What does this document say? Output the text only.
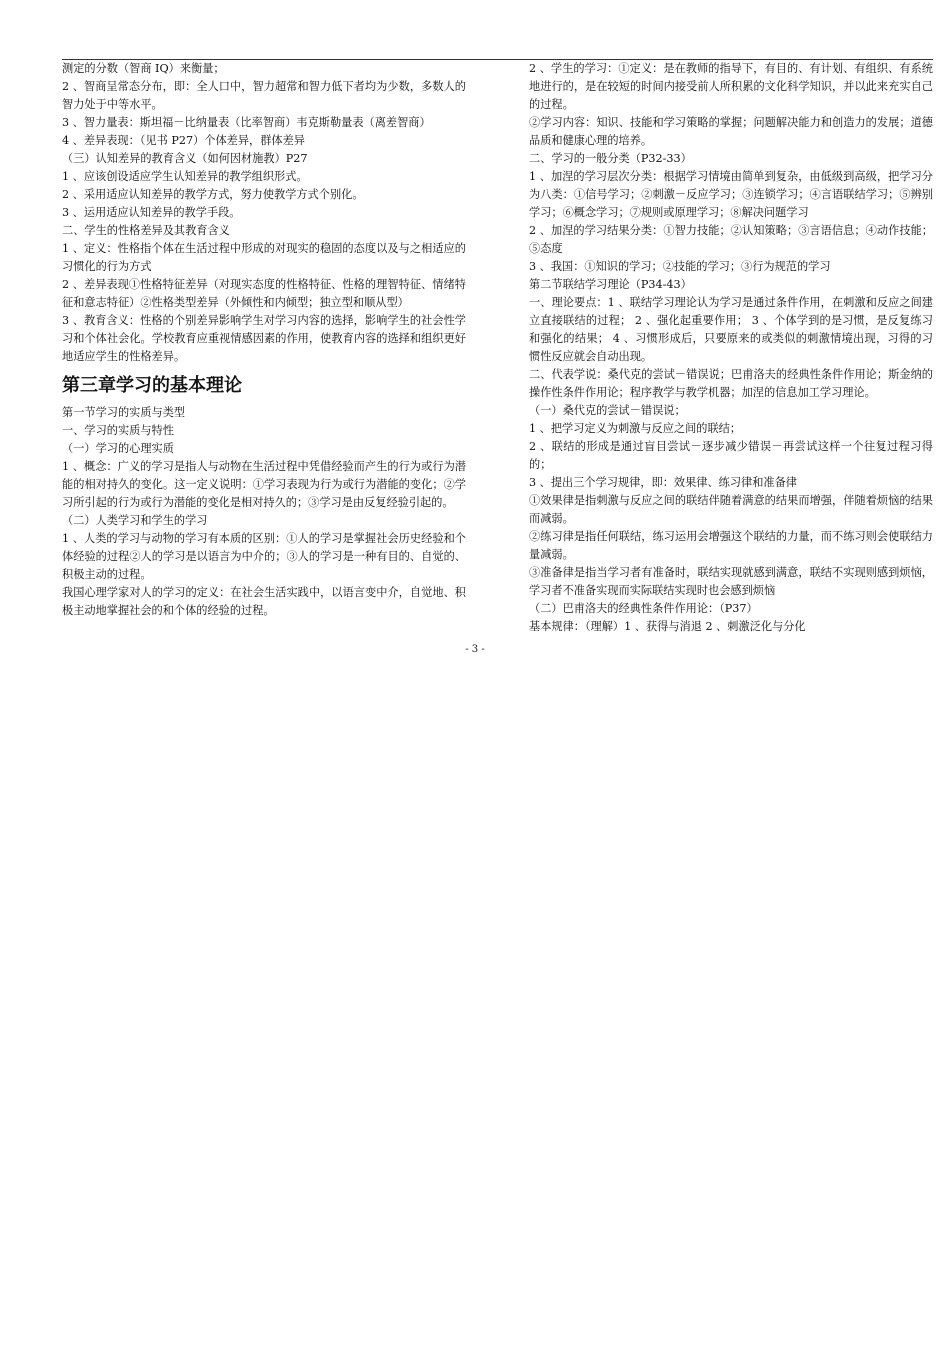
测定的分数（智商 IQ）来衡量；
2 、智商呈常态分布，即：全人口中，智力超常和智力低下者均为少数，多数人的智力处于中等水平。
3 、智力量表：斯坦福－比纳量表（比率智商）韦克斯勒量表（离差智商）
4 、差异表现：（见书 P27）个体差异，群体差异
（三）认知差异的教育含义（如何因材施教）P27
1 、应该创设适应学生认知差异的教学组织形式。
2 、采用适应认知差异的教学方式，努力使教学方式个别化。
3 、运用适应认知差异的教学手段。
二、学生的性格差异及其教育含义
1 、定义：性格指个体在生活过程中形成的对现实的稳固的态度以及与之相适应的习惯化的行为方式
2 、差异表现①性格特征差异（对现实态度的性格特征、性格的理智特征、情绪特征和意志特征）②性格类型差异（外倾性和内倾型；独立型和顺从型）
3 、教育含义：性格的个别差异影响学生对学习内容的选择，影响学生的社会性学习和个体社会化。学校教育应重视情感因素的作用，使教育内容的选择和组织更好地适应学生的性格差异。
第三章学习的基本理论
第一节学习的实质与类型
一、学习的实质与特性
（一）学习的心理实质
1 、概念：广义的学习是指人与动物在生活过程中凭借经验而产生的行为或行为潜能的相对持久的变化。这一定义说明：①学习表现为行为或行为潜能的变化；②学习所引起的行为或行为潜能的变化是相对持久的；③学习是由反复经验引起的。
（二）人类学习和学生的学习
1 、人类的学习与动物的学习有本质的区别：①人的学习是掌握社会历史经验和个体经验的过程②人的学习是以语言为中介的；③人的学习是一种有目的、自觉的、积极主动的过程。
我国心理学家对人的学习的定义：在社会生活实践中，以语言变中介，自觉地、积极主动地掌握社会的和个体的经验的过程。
2 、学生的学习：①定义：是在教师的指导下，有目的、有计划、有组织、有系统地进行的，是在较短的时间内接受前人所积累的文化科学知识，并以此来充实自己的过程。
②学习内容：知识、技能和学习策略的掌握；问题解决能力和创造力的发展；道德品质和健康心理的培养。
二、学习的一般分类（P32-33）
1 、加涅的学习层次分类：根据学习情境由简单到复杂，由低级到高级，把学习分为八类：①信号学习；②刺激－反应学习；③连锁学习；④言语联结学习；⑤辨别学习；⑥概念学习；⑦规则或原理学习；⑧解决问题学习
2 、加涅的学习结果分类：①智力技能；②认知策略；③言语信息；④动作技能；⑤态度
3 、我国：①知识的学习；②技能的学习；③行为规范的学习
第二节联结学习理论（P34-43）
一、理论要点：1 、联结学习理论认为学习是通过条件作用，在刺激和反应之间建立直接联结的过程； 2 、强化起重要作用； 3 、个体学到的是习惯，是反复练习和强化的结果； 4 、习惯形成后，只要原来的或类似的刺激情境出现，习得的习惯性反应就会自动出现。
二、代表学说：桑代克的尝试－错误说；巴甫洛夫的经典性条件作用论；斯金纳的操作性条件作用论；程序教学与教学机器；加涅的信息加工学习理论。
（一）桑代克的尝试－错误说；
1 、把学习定义为刺激与反应之间的联结；
2 、联结的形成是通过盲目尝试－逐步减少错误－再尝试这样一个往复过程习得的；
3 、提出三个学习规律，即：效果律、练习律和准备律
①效果律是指刺激与反应之间的联结伴随着满意的结果而增强，伴随着烦恼的结果而减弱。
②练习律是指任何联结，练习运用会增强这个联结的力量，而不练习则会使联结力量减弱。
③准备律是指当学习者有准备时，联结实现就感到满意，联结不实现则感到烦恼，学习者不准备实现而实际联结实现时也会感到烦恼
（二）巴甫洛夫的经典性条件作用论：（P37）
基本规律：（理解）1 、获得与消退 2 、刺激泛化与分化
- 3 -
